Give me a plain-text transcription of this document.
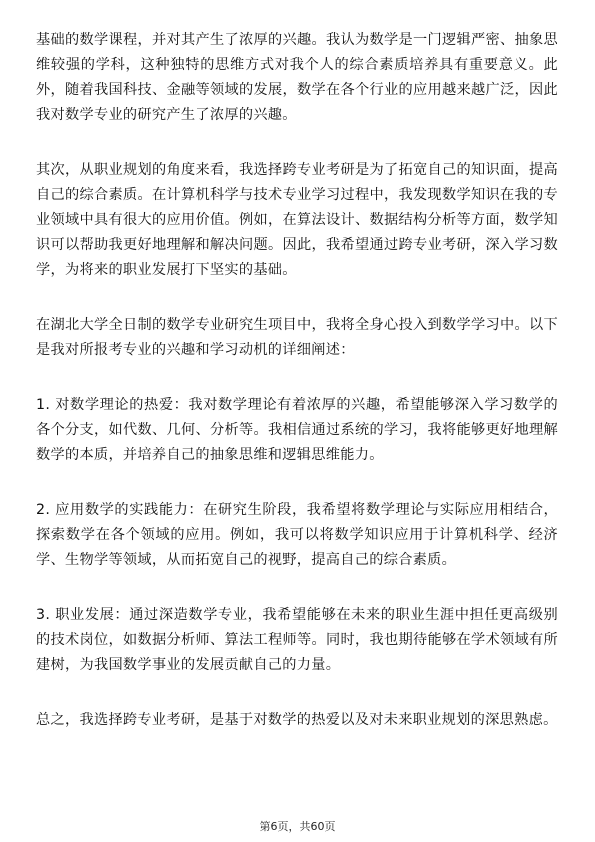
基础的数学课程，并对其产生了浓厚的兴趣。我认为数学是一门逻辑严密、抽象思维较强的学科，这种独特的思维方式对我个人的综合素质培养具有重要意义。此外，随着我国科技、金融等领域的发展，数学在各个行业的应用越来越广泛，因此我对数学专业的研究产生了浓厚的兴趣。

其次，从职业规划的角度来看，我选择跨专业考研是为了拓宽自己的知识面，提高自己的综合素质。在计算机科学与技术专业学习过程中，我发现数学知识在我的专业领域中具有很大的应用价值。例如，在算法设计、数据结构分析等方面，数学知识可以帮助我更好地理解和解决问题。因此，我希望通过跨专业考研，深入学习数学，为将来的职业发展打下坚实的基础。

在湖北大学全日制的数学专业研究生项目中，我将全身心投入到数学学习中。以下是我对所报考专业的兴趣和学习动机的详细阐述：

1. 对数学理论的热爱：我对数学理论有着浓厚的兴趣，希望能够深入学习数学的各个分支，如代数、几何、分析等。我相信通过系统的学习，我将能够更好地理解数学的本质，并培养自己的抽象思维和逻辑思维能力。

2. 应用数学的实践能力：在研究生阶段，我希望将数学理论与实际应用相结合，探索数学在各个领域的应用。例如，我可以将数学知识应用于计算机科学、经济学、生物学等领域，从而拓宽自己的视野，提高自己的综合素质。

3. 职业发展：通过深造数学专业，我希望能够在未来的职业生涯中担任更高级别的技术岗位，如数据分析师、算法工程师等。同时，我也期待能够在学术领域有所建树，为我国数学事业的发展贡献自己的力量。

总之，我选择跨专业考研，是基于对数学的热爱以及对未来职业规划的深思熟虑。

第6页，共60页
